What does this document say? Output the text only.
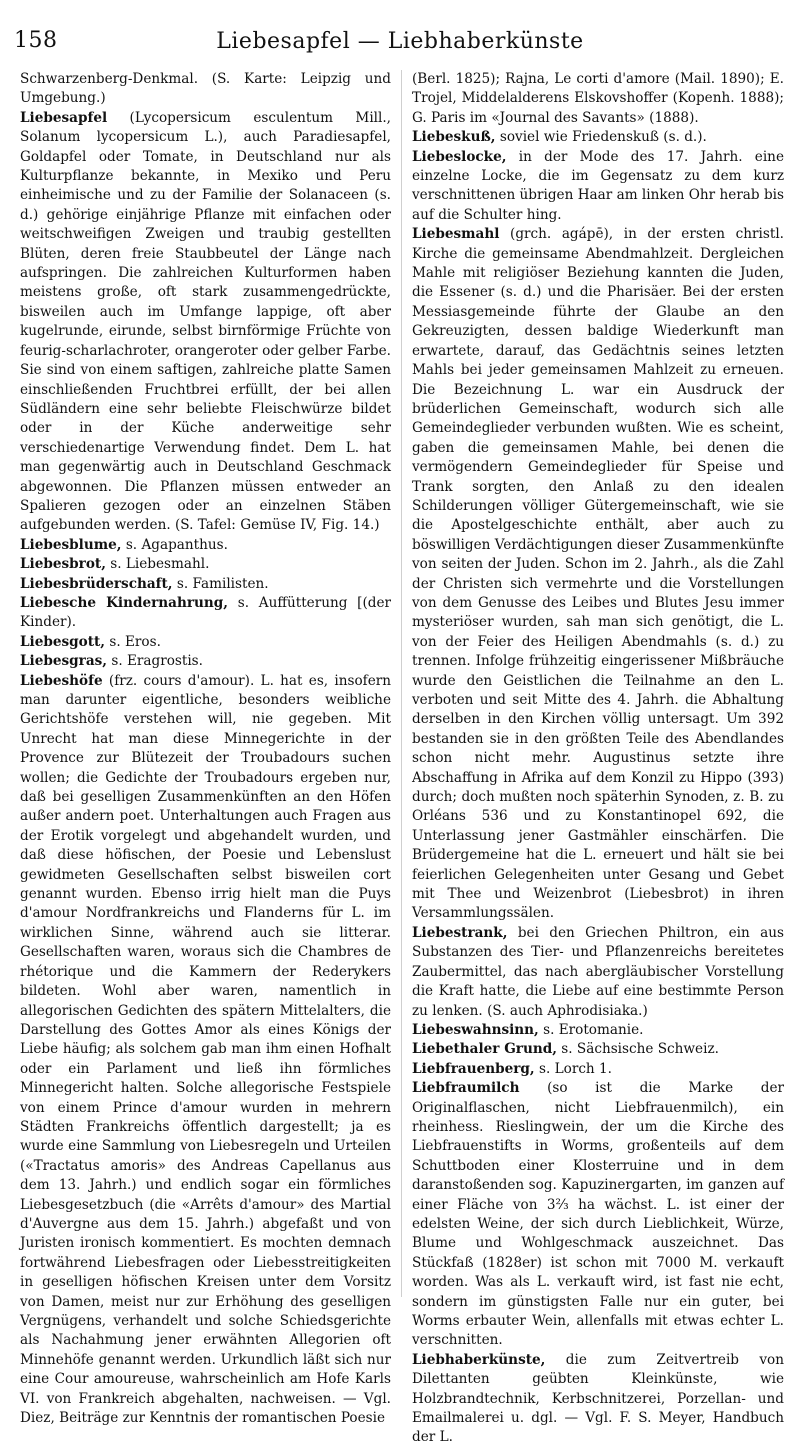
158	Liebesapfel — Liebhaberkünste

Schwarzenberg-Denkmal. (S. Karte: Leipzig und Umgebung.)

Liebesapfel (Lycopersicum esculentum Mill., Solanum lycopersicum L.), auch Paradiesapfel, Goldapfel oder Tomate, in Deutschland nur als Kulturpflanze bekannte, in Mexiko und Peru einheimische und zu der Familie der Solanaceen (s. d.) gehörige einjährige Pflanze mit einfachen oder weitschweifigen Zweigen und traubig gestellten Blüten, deren freie Staubbeutel der Länge nach aufspringen. Die zahlreichen Kulturformen haben meistens große, oft stark zusammengedrückte, bisweilen auch im Umfange lappige, oft aber kugelrunde, eirunde, selbst birnförmige Früchte von feurig-scharlachroter, orangeroter oder gelber Farbe. Sie sind von einem saftigen, zahlreiche platte Samen einschließenden Fruchtbrei erfüllt, der bei allen Südländern eine sehr beliebte Fleischwürze bildet oder in der Küche anderweitige sehr verschiedenartige Verwendung findet. Dem L. hat man gegenwärtig auch in Deutschland Geschmack abgewonnen. Die Pflanzen müssen entweder an Spalieren gezogen oder an einzelnen Stäben aufgebunden werden. (S. Tafel: Gemüse IV, Fig. 14.)

Liebesblume, s. Agapanthus.

Liebesbrot, s. Liebesmahl.

Liebesbrüderschaft, s. Familisten.

Liebesche Kindernahrung, s. Auffütterung [(der Kinder).

Liebesgott, s. Eros.

Liebesgras, s. Eragrostis.

Liebeshöfe (frz. cours d'amour). L. hat es, insofern man darunter eigentliche, besonders weibliche Gerichtshöfe verstehen will, nie gegeben. Mit Unrecht hat man diese Minnegerichte in der Provence zur Blütezeit der Troubadours suchen wollen; die Gedichte der Troubadours ergeben nur, daß bei geselligen Zusammenkünften an den Höfen außer andern poet. Unterhaltungen auch Fragen aus der Erotik vorgelegt und abgehandelt wurden, und daß diese höfischen, der Poesie und Lebenslust gewidmeten Gesellschaften selbst bisweilen cort genannt wurden. Ebenso irrig hielt man die Puys d'amour Nordfrankreichs und Flanderns für L. im wirklichen Sinne, während auch sie litterar. Gesellschaften waren, woraus sich die Chambres de rhétorique und die Kammern der Rederykers bildeten. Wohl aber waren, namentlich in allegorischen Gedichten des spätern Mittelalters, die Darstellung des Gottes Amor als eines Königs der Liebe häufig; als solchem gab man ihm einen Hofhalt oder ein Parlament und ließ ihn förmliches Minnegericht halten. Solche allegorische Festspiele von einem Prince d'amour wurden in mehrern Städten Frankreichs öffentlich dargestellt; ja es wurde eine Sammlung von Liebesregeln und Urteilen («Tractatus amoris» des Andreas Capellanus aus dem 13. Jahrh.) und endlich sogar ein förmliches Liebesgesetzbuch (die «Arrêts d'amour» des Martial d'Auvergne aus dem 15. Jahrh.) abgefaßt und von Juristen ironisch kommentiert. Es mochten demnach fortwährend Liebesfragen oder Liebesstreitigkeiten in geselligen höfischen Kreisen unter dem Vorsitz von Damen, meist nur zur Erhöhung des geselligen Vergnügens, verhandelt und solche Schiedsgerichte als Nachahmung jener erwähnten Allegorien oft Minnehöfe genannt werden. Urkundlich läßt sich nur eine Cour amoureuse, wahrscheinlich am Hofe Karls VI. von Frankreich abgehalten, nachweisen. — Vgl. Diez, Beiträge zur Kenntnis der romantischen Poesie

(Berl. 1825); Rajna, Le corti d'amore (Mail. 1890); E. Trojel, Middelalderens Elskovshoffer (Kopenh. 1888); G. Paris im «Journal des Savants» (1888).

Liebeskuß, soviel wie Friedenskuß (s. d.).

Liebeslocke, in der Mode des 17. Jahrh. eine einzelne Locke, die im Gegensatz zu dem kurz verschnittenen übrigen Haar am linken Ohr herab bis auf die Schulter hing.

Liebesmahl (grch. agápē), in der ersten christl. Kirche die gemeinsame Abendmahlzeit. Dergleichen Mahle mit religiöser Beziehung kannten die Juden, die Essener (s. d.) und die Pharisäer. Bei der ersten Messiasgemeinde führte der Glaube an den Gekreuzigten, dessen baldige Wiederkunft man erwartete, darauf, das Gedächtnis seines letzten Mahls bei jeder gemeinsamen Mahlzeit zu erneuen. Die Bezeichnung L. war ein Ausdruck der brüderlichen Gemeinschaft, wodurch sich alle Gemeindeglieder verbunden wußten. Wie es scheint, gaben die gemeinsamen Mahle, bei denen die vermögendern Gemeindeglieder für Speise und Trank sorgten, den Anlaß zu den idealen Schilderungen völliger Gütergemeinschaft, wie sie die Apostelgeschichte enthält, aber auch zu böswilligen Verdächtigungen dieser Zusammenkünfte von seiten der Juden. Schon im 2. Jahrh., als die Zahl der Christen sich vermehrte und die Vorstellungen von dem Genusse des Leibes und Blutes Jesu immer mysteriöser wurden, sah man sich genötigt, die L. von der Feier des Heiligen Abendmahls (s. d.) zu trennen. Infolge frühzeitig eingerissener Mißbräuche wurde den Geistlichen die Teilnahme an den L. verboten und seit Mitte des 4. Jahrh. die Abhaltung derselben in den Kirchen völlig untersagt. Um 392 bestanden sie in den größten Teile des Abendlandes schon nicht mehr. Augustinus setzte ihre Abschaffung in Afrika auf dem Konzil zu Hippo (393) durch; doch mußten noch späterhin Synoden, z. B. zu Orléans 536 und zu Konstantinopel 692, die Unterlassung jener Gastmähler einschärfen. Die Brüdergemeine hat die L. erneuert und hält sie bei feierlichen Gelegenheiten unter Gesang und Gebet mit Thee und Weizenbrot (Liebesbrot) in ihren Versammlungssälen.

Liebestrank, bei den Griechen Philtron, ein aus Substanzen des Tier- und Pflanzenreichs bereitetes Zaubermittel, das nach abergläubischer Vorstellung die Kraft hatte, die Liebe auf eine bestimmte Person zu lenken. (S. auch Aphrodisiaka.)

Liebeswahnsinn, s. Erotomanie.

Liebethaler Grund, s. Sächsische Schweiz.

Liebfrauenberg, s. Lorch 1.

Liebfraumilch (so ist die Marke der Originalflaschen, nicht Liebfrauenmilch), ein rheinhess. Rieslingwein, der um die Kirche des Liebfrauenstifts in Worms, großenteils auf dem Schuttboden einer Klosterruine und in dem daranstoßenden sog. Kapuzinergarten, im ganzen auf einer Fläche von 3⅔ ha wächst. L. ist einer der edelsten Weine, der sich durch Lieblichkeit, Würze, Blume und Wohlgeschmack auszeichnet. Das Stückfaß (1828er) ist schon mit 7000 M. verkauft worden. Was als L. verkauft wird, ist fast nie echt, sondern im günstigsten Falle nur ein guter, bei Worms erbauter Wein, allenfalls mit etwas echter L. verschnitten.

Liebhaberkünste, die zum Zeitvertreib von Dilettanten geübten Kleinkünste, wie Holzbrandtechnik, Kerbschnitzerei, Porzellan- und Emailmalerei u. dgl. — Vgl. F. S. Meyer, Handbuch der L.
